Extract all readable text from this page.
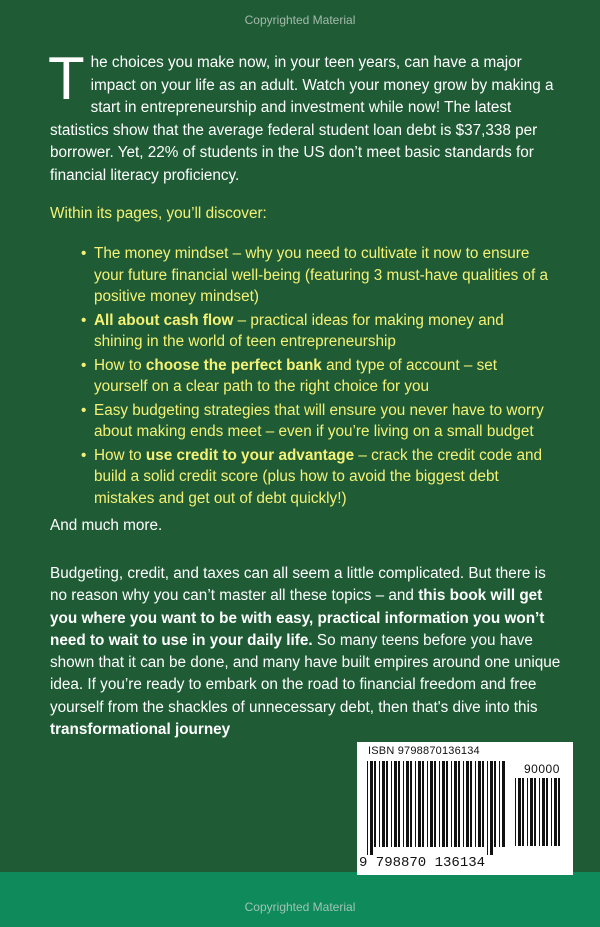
Copyrighted Material
The choices you make now, in your teen years, can have a major impact on your life as an adult. Watch your money grow by making a start in entrepreneurship and investment while now! The latest statistics show that the average federal student loan debt is $37,338 per borrower. Yet, 22% of students in the US don’t meet basic standards for financial literacy proficiency.
Within its pages, you’ll discover:
• The money mindset – why you need to cultivate it now to ensure your future financial well-being (featuring 3 must-have qualities of a positive money mindset)
• All about cash flow – practical ideas for making money and shining in the world of teen entrepreneurship
• How to choose the perfect bank and type of account – set yourself on a clear path to the right choice for you
• Easy budgeting strategies that will ensure you never have to worry about making ends meet – even if you’re living on a small budget
• How to use credit to your advantage – crack the credit code and build a solid credit score (plus how to avoid the biggest debt mistakes and get out of debt quickly!)
And much more.
Budgeting, credit, and taxes can all seem a little complicated. But there is no reason why you can’t master all these topics – and this book will get you where you want to be with easy, practical information you won’t need to wait to use in your daily life. So many teens before you have shown that it can be done, and many have built empires around one unique idea. If you’re ready to embark on the road to financial freedom and free yourself from the shackles of unnecessary debt, then that's dive into this transformational journey
ISBN 9798870136134
90000
9 798870 136134
Copyrighted Material
